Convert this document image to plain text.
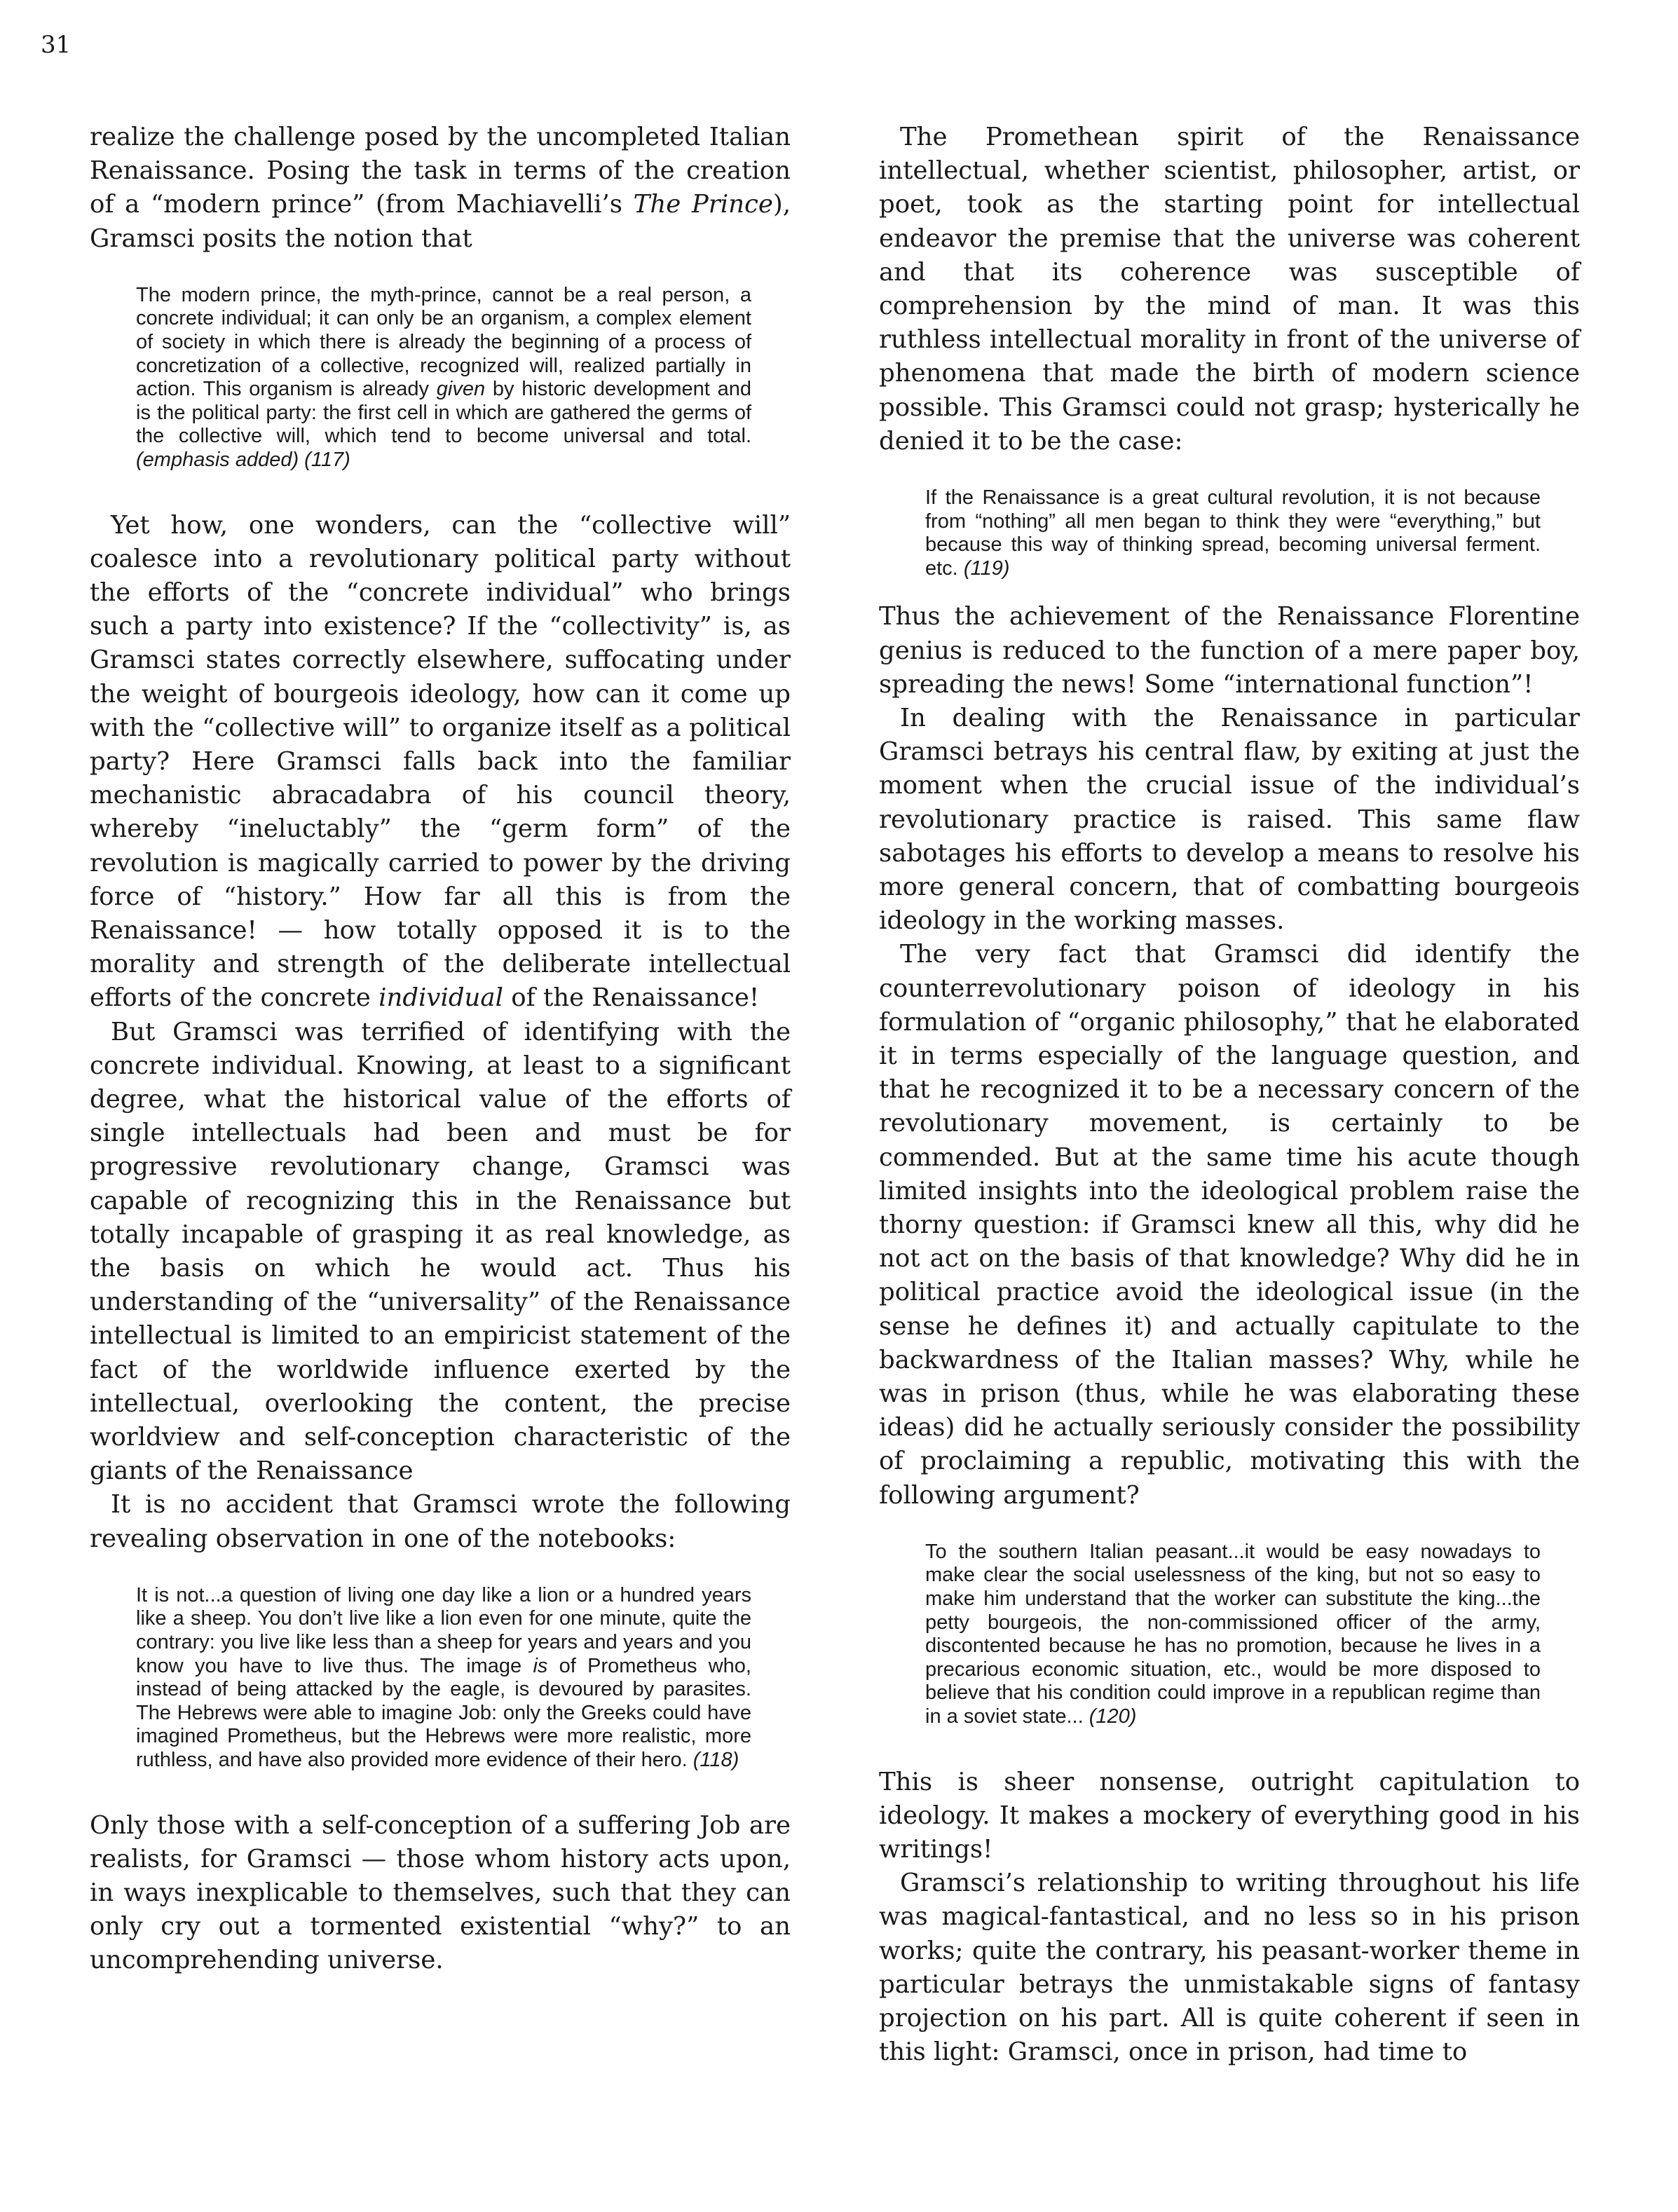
31

realize the challenge posed by the uncompleted Italian Renaissance. Posing the task in terms of the creation of a “modern prince” (from Machiavelli’s The Prince), Gramsci posits the notion that

The modern prince, the myth-prince, cannot be a real person, a concrete individual; it can only be an organism, a complex element of society in which there is already the beginning of a process of concretization of a collective, recognized will, realized partially in action. This organism is already given by historic development and is the political party: the first cell in which are gathered the germs of the collective will, which tend to become universal and total. (emphasis added) (117)

Yet how, one wonders, can the “collective will” coalesce into a revolutionary political party without the efforts of the “concrete individual” who brings such a party into existence? If the “collectivity” is, as Gramsci states correctly elsewhere, suffocating under the weight of bourgeois ideology, how can it come up with the “collective will” to organize itself as a political party? Here Gramsci falls back into the familiar mechanistic abracadabra of his council theory, whereby “ineluctably” the “germ form” of the revolution is magically carried to power by the driving force of “history.” How far all this is from the Renaissance! — how totally opposed it is to the morality and strength of the deliberate intellectual efforts of the concrete individual of the Renaissance!

But Gramsci was terrified of identifying with the concrete individual. Knowing, at least to a significant degree, what the historical value of the efforts of single intellectuals had been and must be for progressive revolutionary change, Gramsci was capable of recognizing this in the Renaissance but totally incapable of grasping it as real knowledge, as the basis on which he would act. Thus his understanding of the “universality” of the Renaissance intellectual is limited to an empiricist statement of the fact of the worldwide influence exerted by the intellectual, overlooking the content, the precise worldview and self-conception characteristic of the giants of the Renaissance

It is no accident that Gramsci wrote the following revealing observation in one of the notebooks:

It is not...a question of living one day like a lion or a hundred years like a sheep. You don’t live like a lion even for one minute, quite the contrary: you live like less than a sheep for years and years and you know you have to live thus. The image is of Prometheus who, instead of being attacked by the eagle, is devoured by parasites. The Hebrews were able to imagine Job: only the Greeks could have imagined Prometheus, but the Hebrews were more realistic, more ruthless, and have also provided more evidence of their hero. (118)

Only those with a self-conception of a suffering Job are realists, for Gramsci — those whom history acts upon, in ways inexplicable to themselves, such that they can only cry out a tormented existential “why?” to an uncomprehending universe.

The Promethean spirit of the Renaissance intellectual, whether scientist, philosopher, artist, or poet, took as the starting point for intellectual endeavor the premise that the universe was coherent and that its coherence was susceptible of comprehension by the mind of man. It was this ruthless intellectual morality in front of the universe of phenomena that made the birth of modern science possible. This Gramsci could not grasp; hysterically he denied it to be the case:

If the Renaissance is a great cultural revolution, it is not because from “nothing” all men began to think they were “everything,” but because this way of thinking spread, becoming universal ferment. etc. (119)

Thus the achievement of the Renaissance Florentine genius is reduced to the function of a mere paper boy, spreading the news! Some “international function”!

In dealing with the Renaissance in particular Gramsci betrays his central flaw, by exiting at just the moment when the crucial issue of the individual’s revolutionary practice is raised. This same flaw sabotages his efforts to develop a means to resolve his more general concern, that of combatting bourgeois ideology in the working masses.

The very fact that Gramsci did identify the counterrevolutionary poison of ideology in his formulation of “organic philosophy,” that he elaborated it in terms especially of the language question, and that he recognized it to be a necessary concern of the revolutionary movement, is certainly to be commended. But at the same time his acute though limited insights into the ideological problem raise the thorny question: if Gramsci knew all this, why did he not act on the basis of that knowledge? Why did he in political practice avoid the ideological issue (in the sense he defines it) and actually capitulate to the backwardness of the Italian masses? Why, while he was in prison (thus, while he was elaborating these ideas) did he actually seriously consider the possibility of proclaiming a republic, motivating this with the following argument?

To the southern Italian peasant...it would be easy nowadays to make clear the social uselessness of the king, but not so easy to make him understand that the worker can substitute the king...the petty bourgeois, the non-commissioned officer of the army, discontented because he has no promotion, because he lives in a precarious economic situation, etc., would be more disposed to believe that his condition could improve in a republican regime than in a soviet state... (120)

This is sheer nonsense, outright capitulation to ideology. It makes a mockery of everything good in his writings!

Gramsci’s relationship to writing throughout his life was magical-fantastical, and no less so in his prison works; quite the contrary, his peasant-worker theme in particular betrays the unmistakable signs of fantasy projection on his part. All is quite coherent if seen in this light: Gramsci, once in prison, had time to
